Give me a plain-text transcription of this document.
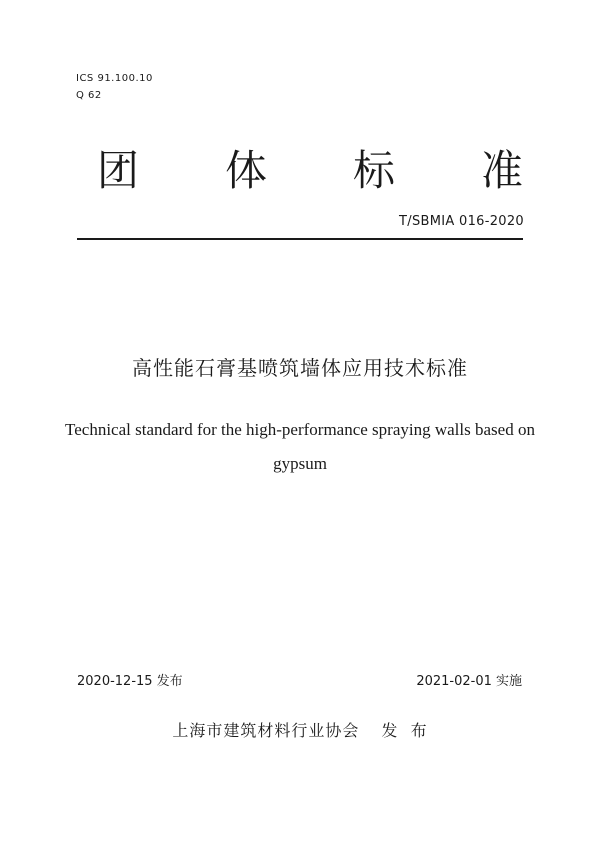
ICS 91.100.10
Q 62
团 体 标 准
T/SBMIA 016-2020
高性能石膏基喷筑墙体应用技术标准
Technical standard for the high-performance spraying walls based on gypsum
2020-12-15 发布	2021-02-01 实施
上海市建筑材料行业协会 发  布
